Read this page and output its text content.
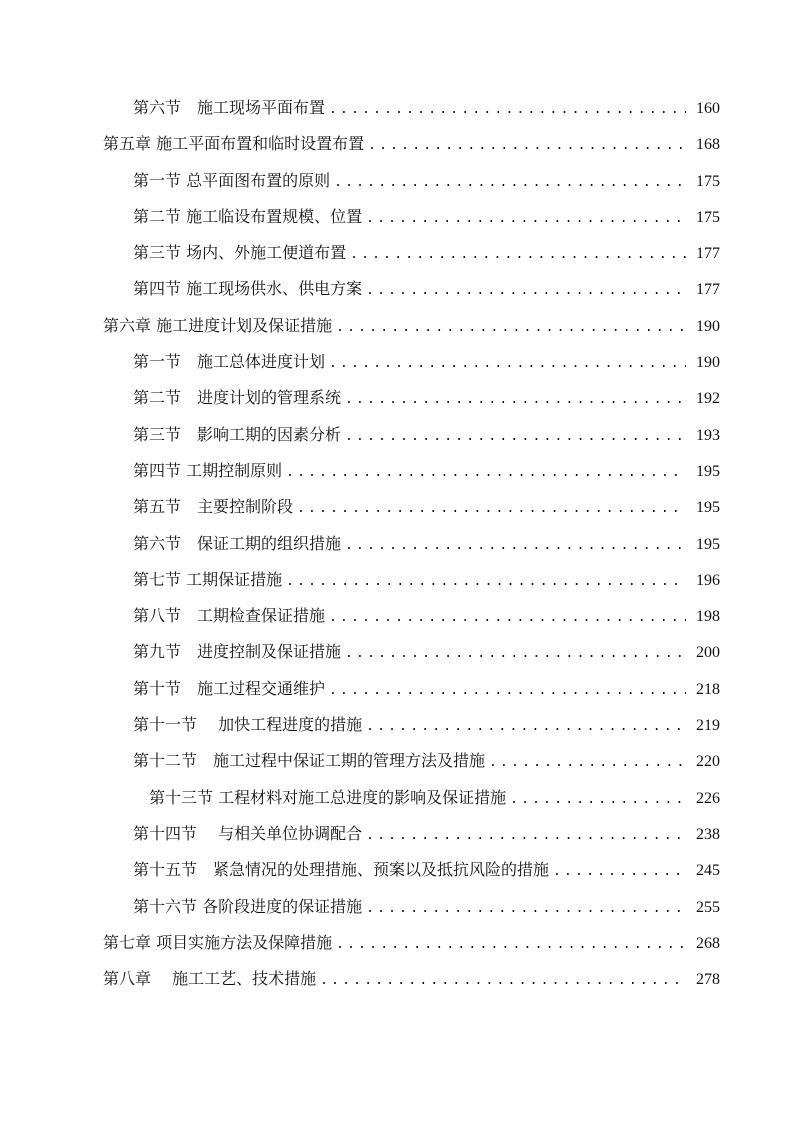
第六节　施工现场平面布置 .....	160
第五章 施工平面布置和临时设置布置 .....	168
第一节 总平面图布置的原则 .....	175
第二节 施工临设布置规模、位置 .....	175
第三节 场内、外施工便道布置 .....	177
第四节 施工现场供水、供电方案 .....	177
第六章 施工进度计划及保证措施 .....	190
第一节　施工总体进度计划 .....	190
第二节　进度计划的管理系统 .....	192
第三节　影响工期的因素分析 .....	193
第四节 工期控制原则 .....	195
第五节　主要控制阶段 .....	195
第六节　保证工期的组织措施 .....	195
第七节 工期保证措施 .....	196
第八节　工期检查保证措施 .....	198
第九节　进度控制及保证措施 .....	200
第十节　施工过程交通维护 .....	218
第十一节　 加快工程进度的措施 .....	219
第十二节　施工过程中保证工期的管理方法及措施 .....	220
第十三节 工程材料对施工总进度的影响及保证措施 .....	226
第十四节　 与相关单位协调配合 .....	238
第十五节　紧急情况的处理措施、预案以及抵抗风险的措施 .....	245
第十六节 各阶段进度的保证措施 .....	255
第七章 项目实施方法及保障措施 .....	268
第八章　 施工工艺、技术措施 .....	278
